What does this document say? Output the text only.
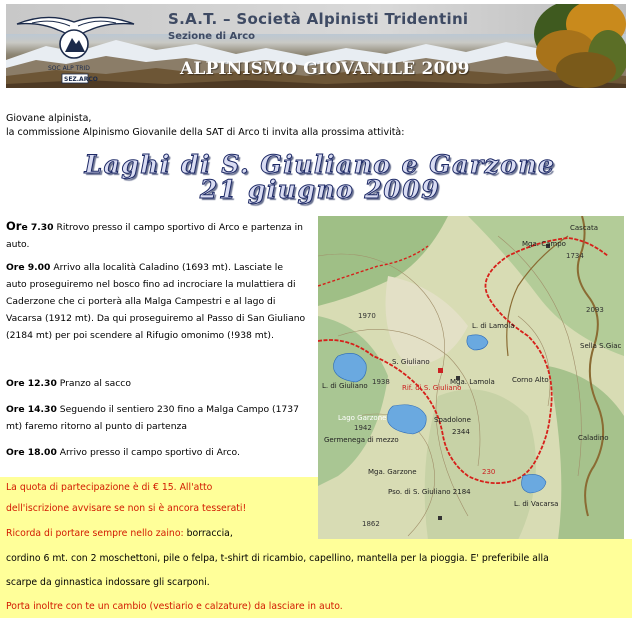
SOC ALP TRID
SEZ.ARCO
S.A.T. – Società Alpinisti Tridentini
Sezione di Arco
ALPINISMO GIOVANILE 2009
Giovane alpinista,
la commissione Alpinismo Giovanile della SAT di Arco ti invita alla prossima attività:
Laghi di S. Giuliano e Garzone
21 giugno 2009
Ore 7.30 Ritrovo presso il campo sportivo di Arco e partenza in auto.
Ore 9.00 Arrivo alla località Caladino (1693 mt). Lasciate le auto proseguiremo nel bosco fino ad incrociare la mulattiera di Caderzone che ci porterà alla Malga Campestri e al lago di Vacarsa (1912 mt). Da qui proseguiremo al Passo di San Giuliano (2184 mt) per poi scendere al Rifugio omonimo (!938 mt).
Ore 12.30 Pranzo al sacco
Ore 14.30 Seguendo il sentiero 230 fino a Malga Campo (1737 mt) faremo ritorno al punto di partenza
Ore 18.00 Arrivo presso il campo sportivo di Arco.
Cascata
Mga. Campo
1734
Sella S.Giac
L. di Lamola
S. Giuliano
L. di Giuliano	Mga. Lamola
Rif. di S. Giuliano
Corno Alto
Lago Garzone	Spadolone
2344
Germenega di mezzo
Mga. Garzone
Pso. di S. Giuliano 2184
L. di Vacarsa
1938
1942
1970
2093
1862
Caladino
230
La quota di partecipazione è di € 15. All'atto
dell'iscrizione avvisare se non si è ancora tesserati!
Ricorda di portare sempre nello zaino: borraccia,
cordino 6 mt. con 2 moschettoni, pile o felpa, t-shirt di ricambio, capellino, mantella per la pioggia. E' preferibile alla
scarpe da ginnastica indossare gli scarponi.
Porta inoltre con te un cambio (vestiario e calzature) da lasciare in auto.
